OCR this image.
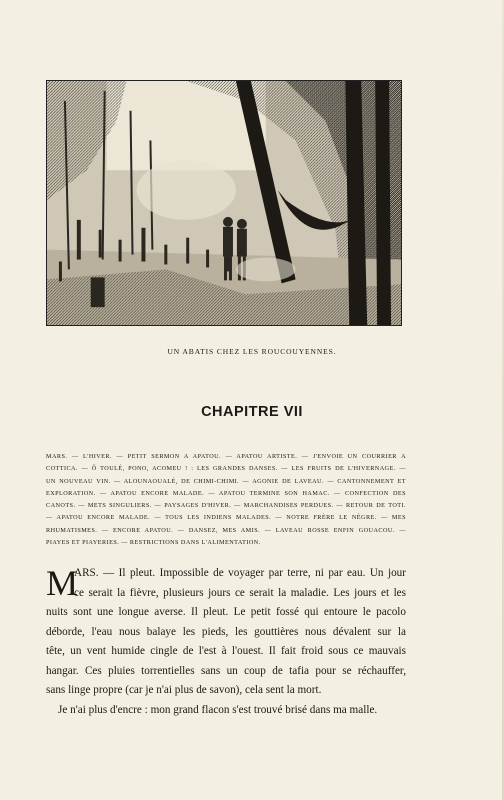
UN ABATIS CHEZ LES ROUCOUYENNES.
CHAPITRE VII
MARS. — L'HIVER. — PETIT SERMON A APATOU. — APATOU ARTISTE. — J'ENVOIE UN COURRIER A
COTTICA. — Ô TOULÉ, PONO, ACOMEU ! : LES GRANDES DANSES. — LES FRUITS DE L'HIVERNAGE. —
UN NOUVEAU VIN. — ALOUNAOUALÉ, DE CHIMI-CHIMI. — AGONIE DE LAVEAU. — CANTONNEMENT ET
EXPLORATION. — APATOU ENCORE MALADE. — APATOU TERMINE SON HAMAC. — CONFECTION DES
CANOTS. — METS SINGULIERS. — PAYSAGES D'HIVER. — MARCHANDISES PERDUES. — RETOUR DE TOTI.
— APATOU ENCORE MALADE. — TOUS LES INDIENS MALADES. — NOTRE FRÈRE LE NÈGRE. — MES
RHUMATISMES. — ENCORE APATOU. — DANSEZ, MES AMIS. — LAVEAU ROSSE ENFIN GOUACOU. —
PIAYES ET PIAYERIES. — RESTRICTIONS DANS L'ALIMENTATION.
M
ARS. — Il pleut. Impossible de voyager par terre, ni par eau. Un jour
ce serait la fièvre, plusieurs jours ce serait la maladie. Les jours et les
nuits sont une longue averse. Il pleut. Le petit fossé qui entoure le pacolo
déborde, l'eau nous balaye les pieds, les gouttières nous dévalent sur la
tête, un vent humide cingle de l'est à l'ouest. Il fait froid sous ce mauvais
hangar. Ces pluies torrentielles sans un coup de tafia pour se réchauffer,
sans linge propre (car je n'ai plus de savon), cela sent la mort.
Je n'ai plus d'encre : mon grand flacon s'est trouvé brisé dans ma malle.
